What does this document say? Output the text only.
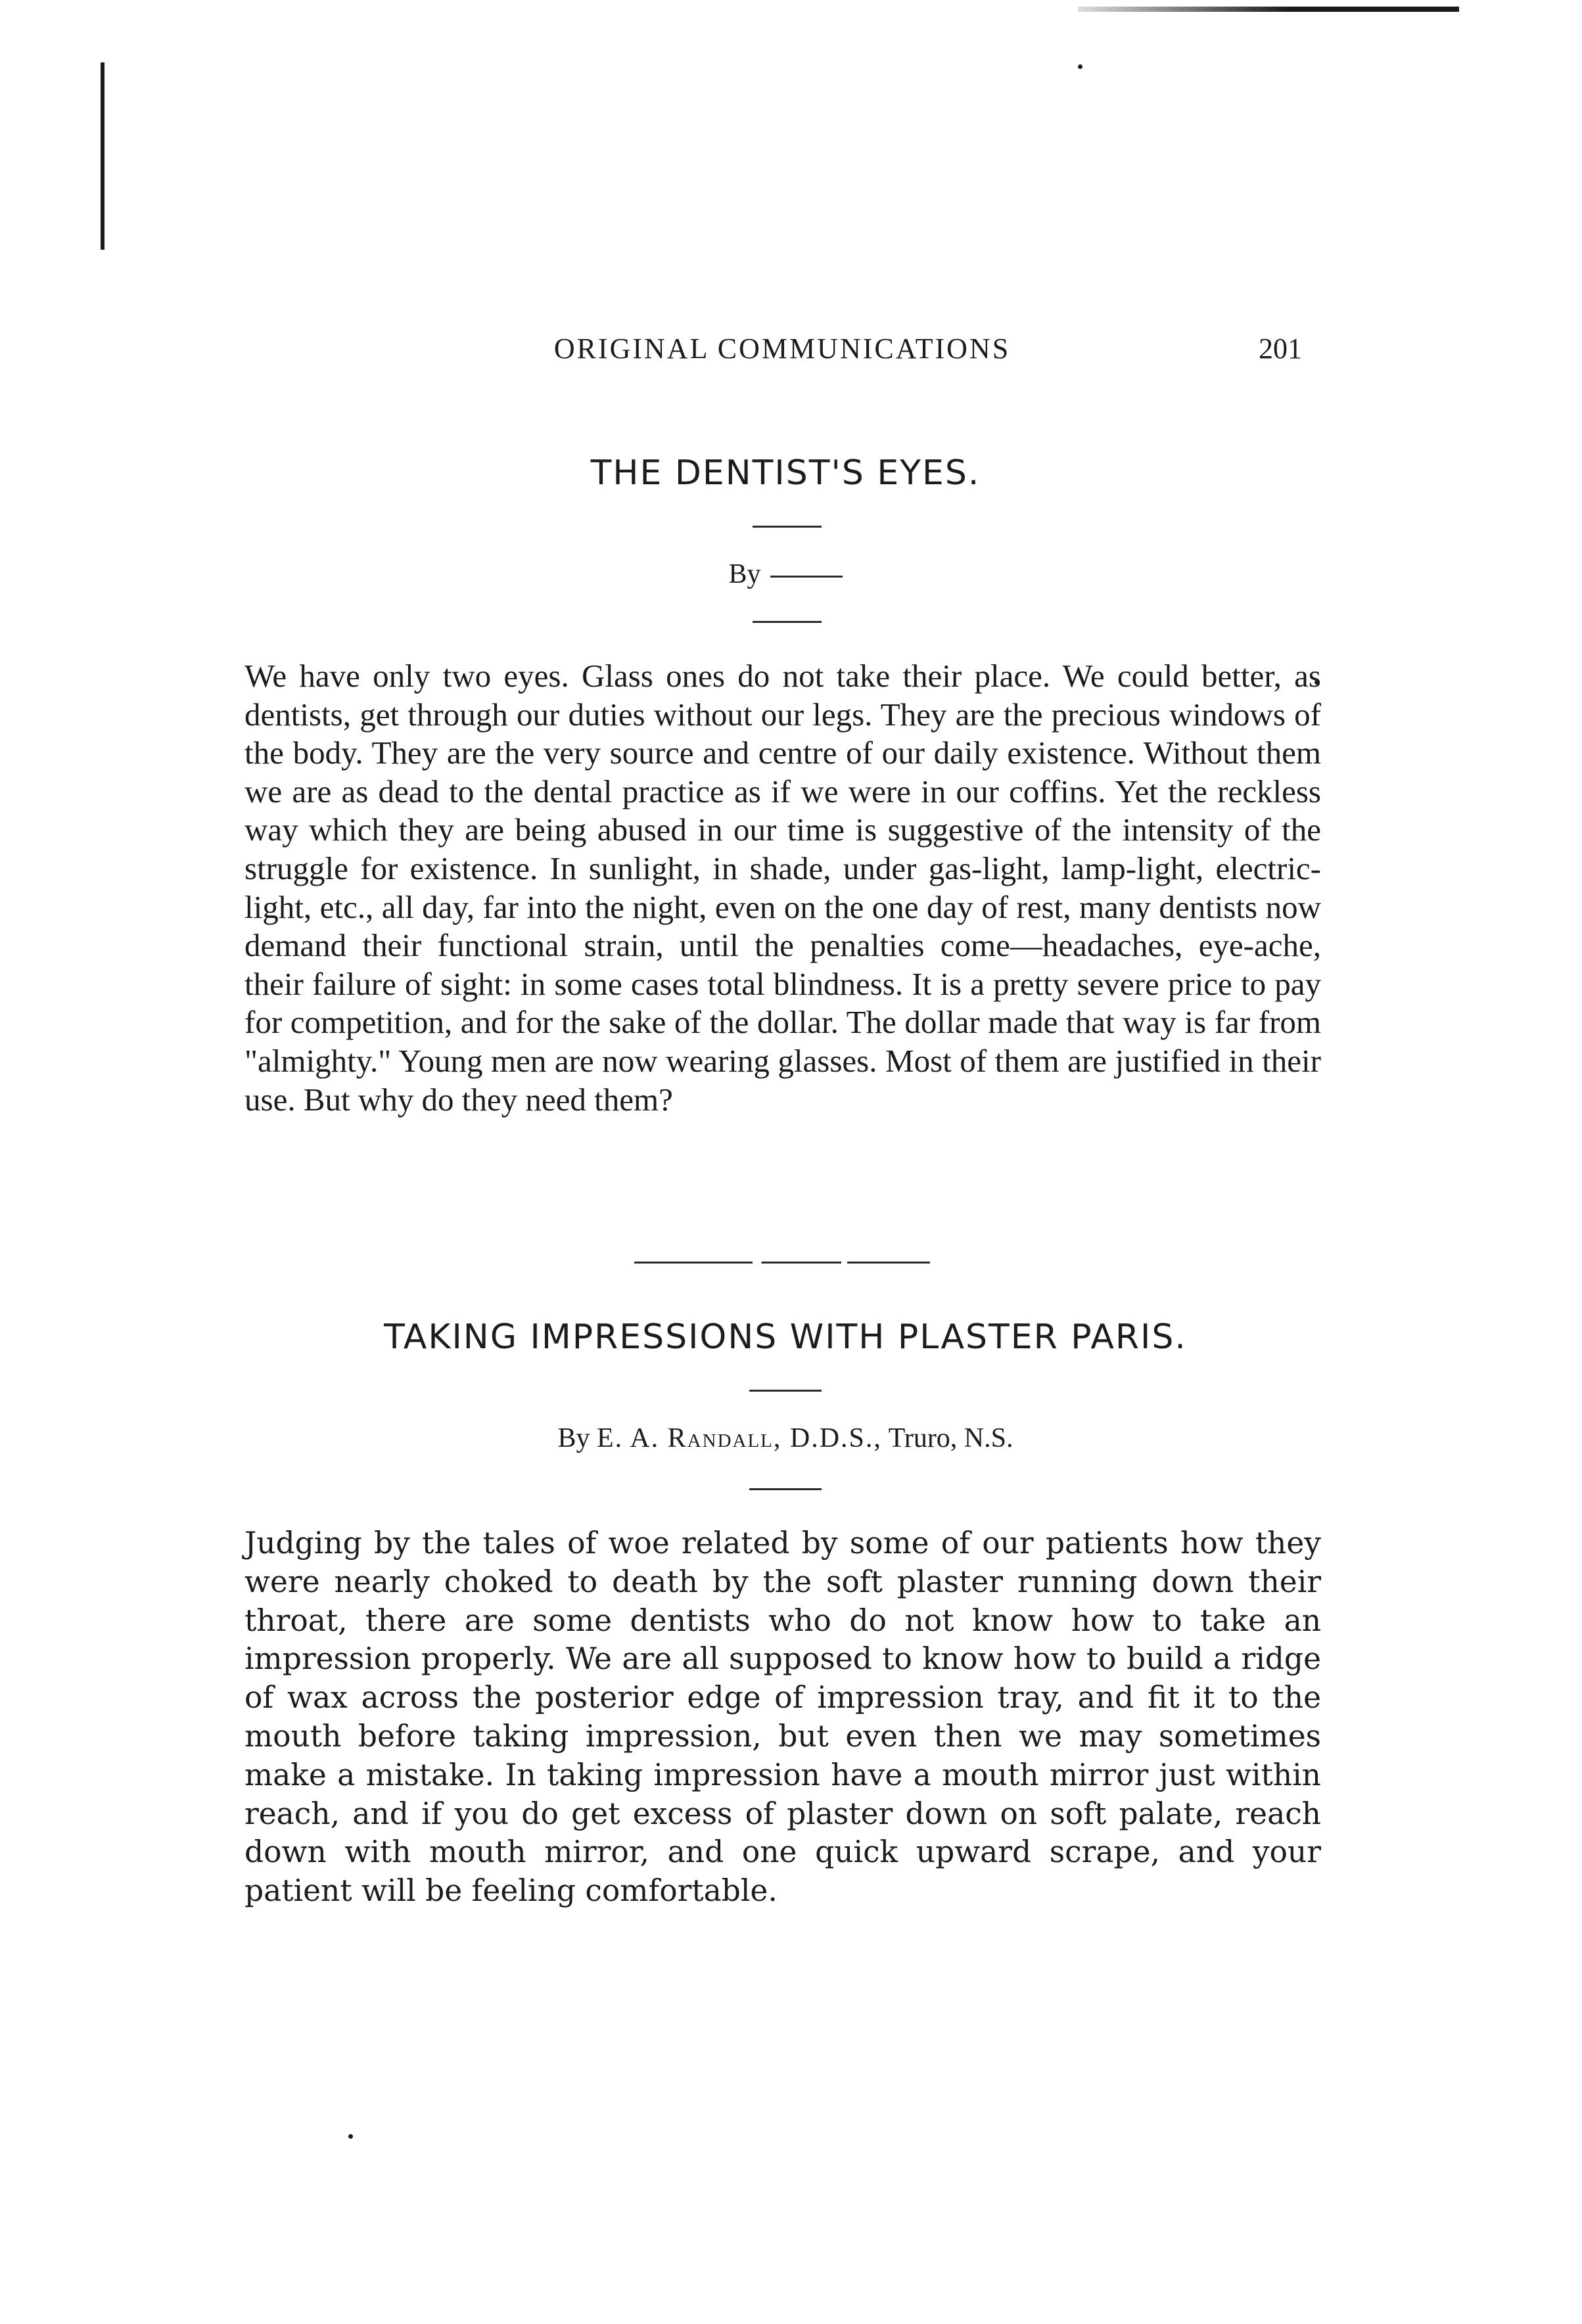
ORIGINAL COMMUNICATIONS	201
THE DENTIST'S EYES.
By

We have only two eyes. Glass ones do not take their place. We could better, as dentists, get through our duties without our legs. They are the precious windows of the body. They are the very source and centre of our daily existence. Without them we are as dead to the dental practice as if we were in our coffins. Yet the reckless way which they are being abused in our time is suggestive of the intensity of the struggle for existence. In sunlight, in shade, under gas-light, lamp-light, electric-light, etc., all day, far into the night, even on the one day of rest, many dentists now demand their functional strain, until the penalties come—headaches, eye-ache, their failure of sight: in some cases total blindness. It is a pretty severe price to pay for competition, and for the sake of the dollar. The dollar made that way is far from "almighty." Young men are now wearing glasses. Most of them are justified in their use. But why do they need them?

TAKING IMPRESSIONS WITH PLASTER PARIS.
By E. A. Randall, D.D.S., Truro, N.S.

Judging by the tales of woe related by some of our patients how they were nearly choked to death by the soft plaster running down their throat, there are some dentists who do not know how to take an impression properly. We are all supposed to know how to build a ridge of wax across the posterior edge of impression tray, and fit it to the mouth before taking impression, but even then we may sometimes make a mistake. In taking impression have a mouth mirror just within reach, and if you do get excess of plaster down on soft palate, reach down with mouth mirror, and one quick upward scrape, and your patient will be feeling comfortable.
